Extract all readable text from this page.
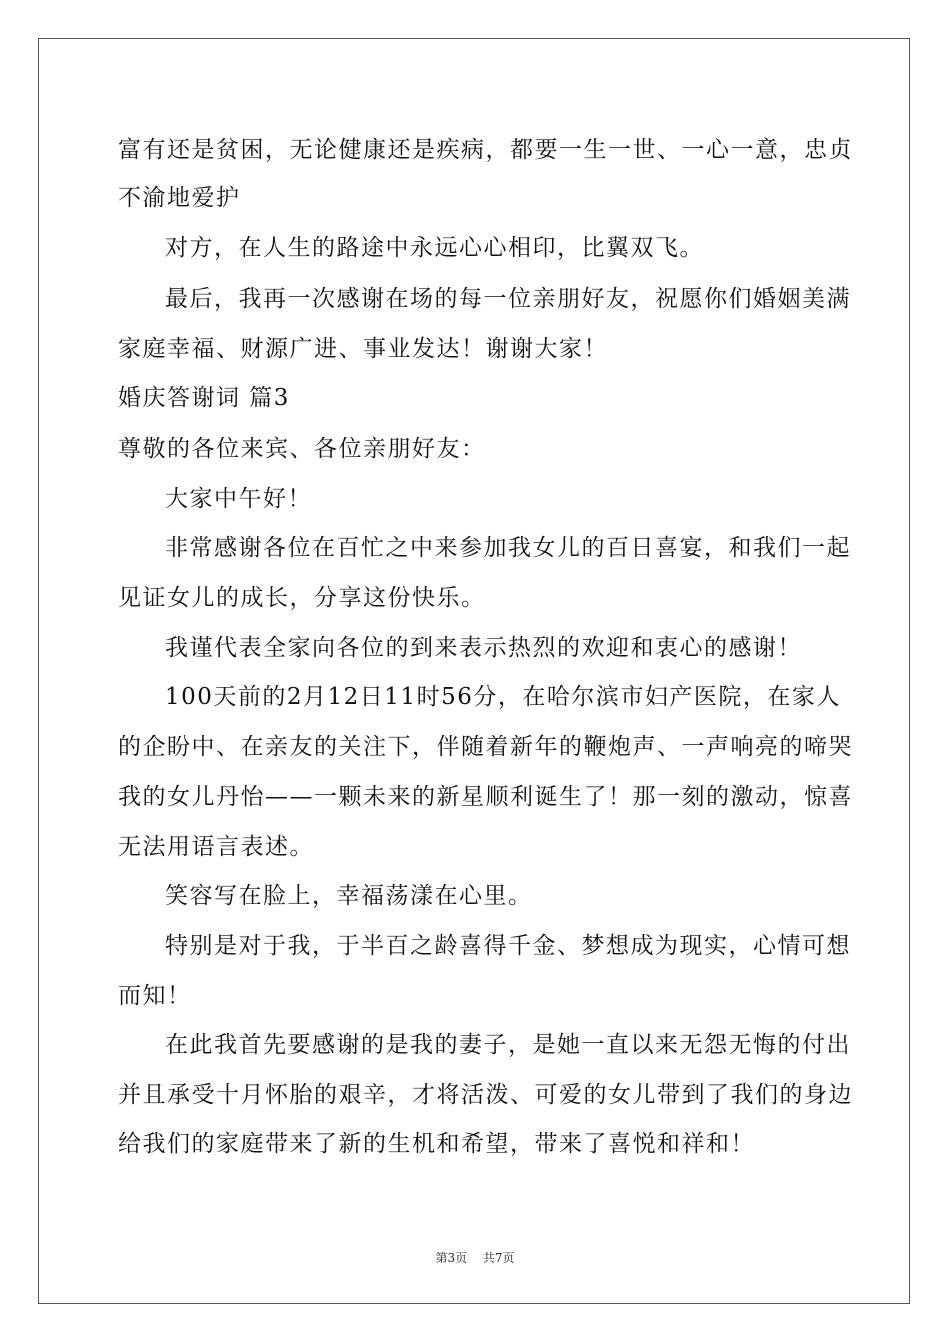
富有还是贫困，无论健康还是疾病，都要一生一世、一心一意，忠贞
不渝地爱护
对方，在人生的路途中永远心心相印，比翼双飞。
最后，我再一次感谢在场的每一位亲朋好友，祝愿你们婚姻美满
家庭幸福、财源广进、事业发达！谢谢大家！
婚庆答谢词 篇3
尊敬的各位来宾、各位亲朋好友：
大家中午好！
非常感谢各位在百忙之中来参加我女儿的百日喜宴，和我们一起
见证女儿的成长，分享这份快乐。
我谨代表全家向各位的到来表示热烈的欢迎和衷心的感谢！
100天前的2月12日11时56分，在哈尔滨市妇产医院，在家人
的企盼中、在亲友的关注下，伴随着新年的鞭炮声、一声响亮的啼哭
我的女儿丹怡——一颗未来的新星顺利诞生了！那一刻的激动，惊喜
无法用语言表述。
笑容写在脸上，幸福荡漾在心里。
特别是对于我，于半百之龄喜得千金、梦想成为现实，心情可想
而知！
在此我首先要感谢的是我的妻子，是她一直以来无怨无悔的付出
并且承受十月怀胎的艰辛，才将活泼、可爱的女儿带到了我们的身边
给我们的家庭带来了新的生机和希望，带来了喜悦和祥和！
第3页 共7页
